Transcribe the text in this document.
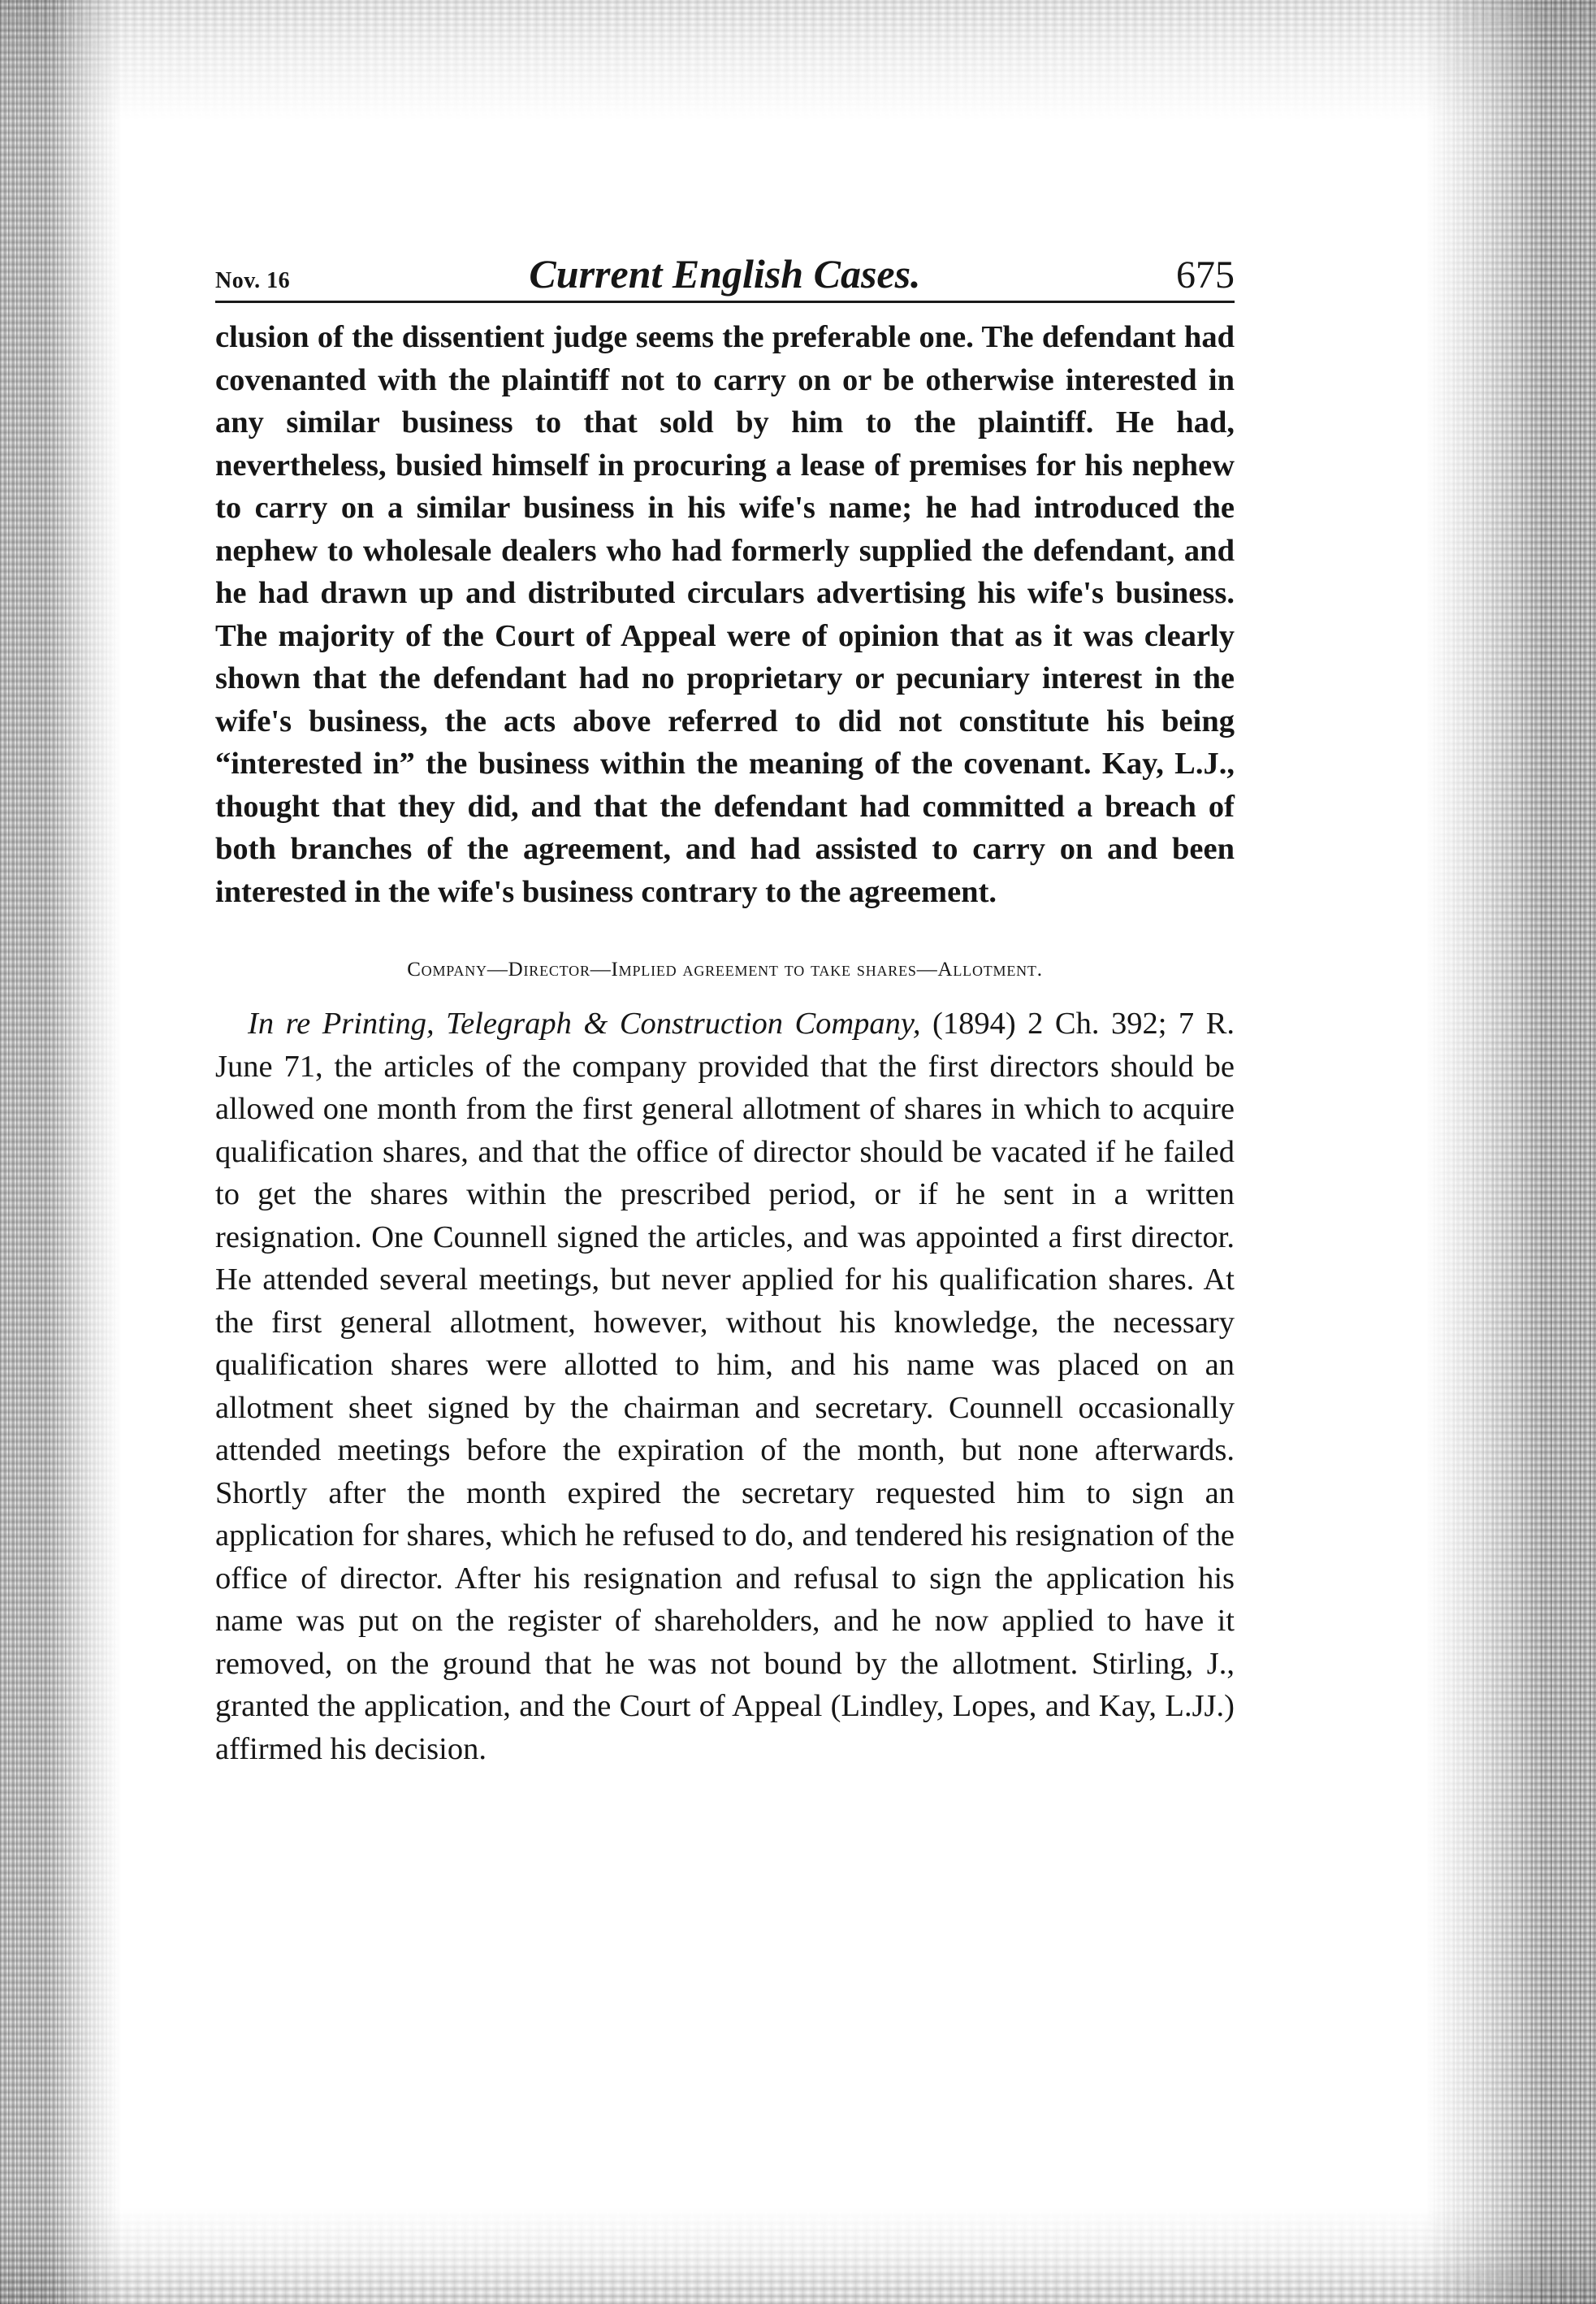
Nov. 16	Current English Cases.	675

clusion of the dissentient judge seems the preferable one. The defendant had covenanted with the plaintiff not to carry on or be otherwise interested in any similar business to that sold by him to the plaintiff. He had, nevertheless, busied himself in procuring a lease of premises for his nephew to carry on a similar business in his wife's name; he had introduced the nephew to wholesale dealers who had formerly supplied the defendant, and he had drawn up and distributed circulars advertising his wife's business. The majority of the Court of Appeal were of opinion that as it was clearly shown that the defendant had no proprietary or pecuniary interest in the wife's business, the acts above referred to did not constitute his being “interested in” the business within the meaning of the covenant. Kay, L.J., thought that they did, and that the defendant had committed a breach of both branches of the agreement, and had assisted to carry on and been interested in the wife's business contrary to the agreement.

Company—Director—Implied agreement to take shares—Allotment.

In re Printing, Telegraph & Construction Company, (1894) 2 Ch. 392; 7 R. June 71, the articles of the company provided that the first directors should be allowed one month from the first general allotment of shares in which to acquire qualification shares, and that the office of director should be vacated if he failed to get the shares within the prescribed period, or if he sent in a written resignation. One Counnell signed the articles, and was appointed a first director. He attended several meetings, but never applied for his qualification shares. At the first general allotment, however, without his knowledge, the necessary qualification shares were allotted to him, and his name was placed on an allotment sheet signed by the chairman and secretary. Counnell occasionally attended meetings before the expiration of the month, but none afterwards. Shortly after the month expired the secretary requested him to sign an application for shares, which he refused to do, and tendered his resignation of the office of director. After his resignation and refusal to sign the application his name was put on the register of shareholders, and he now applied to have it removed, on the ground that he was not bound by the allotment. Stirling, J., granted the application, and the Court of Appeal (Lindley, Lopes, and Kay, L.JJ.) affirmed his decision.
